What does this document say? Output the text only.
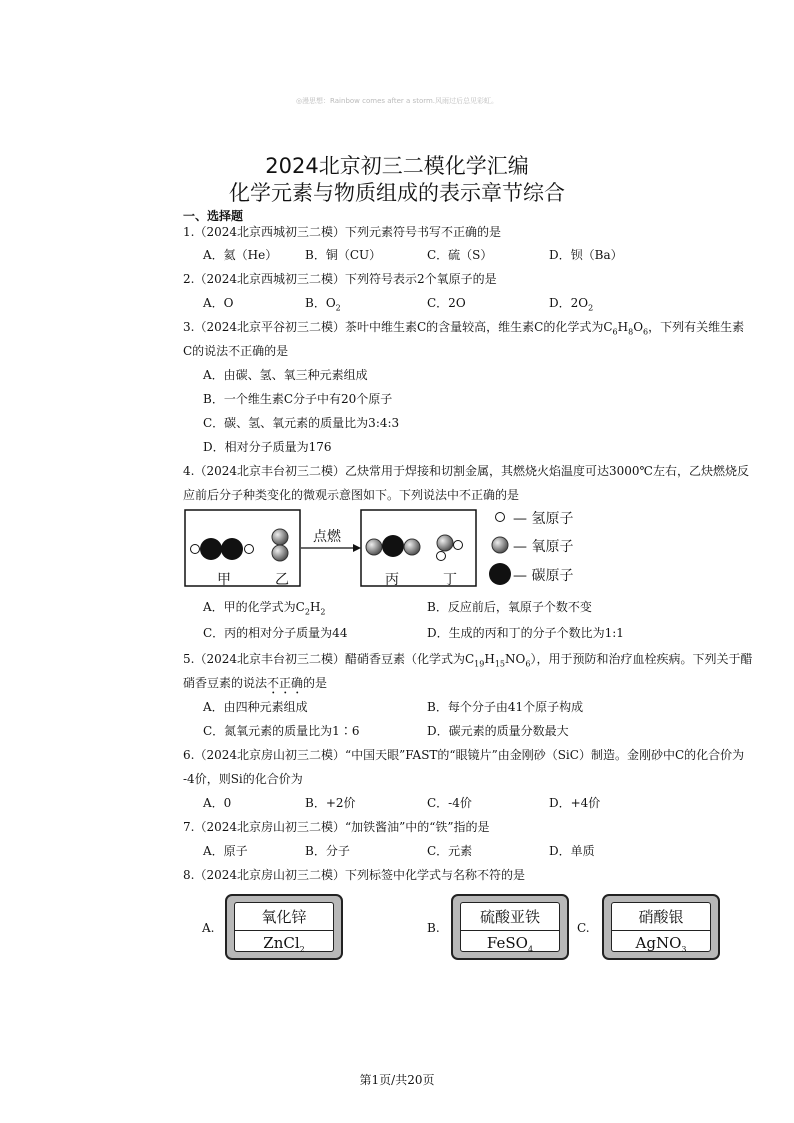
◎漫思想：Rainbow comes after a storm.风雨过后总见彩虹。
2024北京初三二模化学汇编
化学元素与物质组成的表示章节综合
一、选择题
1.（2024北京西城初三二模）下列元素符号书写不正确的是
A．氦（He） B．铜（CU）	C．硫（S）	D．钡（Ba）
2.（2024北京西城初三二模）下列符号表示2个氧原子的是
A．O	B．$O_2$	C．2O	D．$2O_2$
3.（2024北京平谷初三二模）茶叶中维生素C的含量较高，维生素C的化学式为$C_6H_8O_6$，下列有关维生素
C的说法不正确的是
A．由碳、氢、氧三种元素组成
B．一个维生素C分子中有20个原子
C．碳、氢、氧元素的质量比为3:4:3
D．相对分子质量为176
4.（2024北京丰台初三二模）乙炔常用于焊接和切割金属，其燃烧火焰温度可达3000℃左右，乙炔燃烧反
应前后分子种类变化的微观示意图如下。下列说法中不正确的是
点燃
甲	乙	丙	丁
— 氢原子
— 氧原子
— 碳原子
A．甲的化学式为$C_2H_2$	B．反应前后，氧原子个数不变
C．丙的相对分子质量为44	D．生成的丙和丁的分子个数比为1:1
5.（2024北京丰台初三二模）醋硝香豆素（化学式为$C_{19}H_{15}NO_6$），用于预防和治疗血栓疾病。下列关于醋
硝香豆素的说法不正确的是
A．由四种元素组成	B．每个分子由41个原子构成
C．氮氧元素的质量比为1∶6	D．碳元素的质量分数最大
6.（2024北京房山初三二模）“中国天眼”FAST的“眼镜片”由金刚砂（SiC）制造。金刚砂中C的化合价为
-4价，则Si的化合价为
A．0	B．+2价	C．-4价	D．+4价
7.（2024北京房山初三二模）“加铁酱油”中的“铁”指的是
A．原子	B．分子	C．元素	D．单质
8.（2024北京房山初三二模）下列标签中化学式与名称不符的是
A.
氧化锌
ZnCl$_2$
B.
硫酸亚铁
FeSO$_4$
C.
硝酸银
AgNO$_3$
第1页/共20页
